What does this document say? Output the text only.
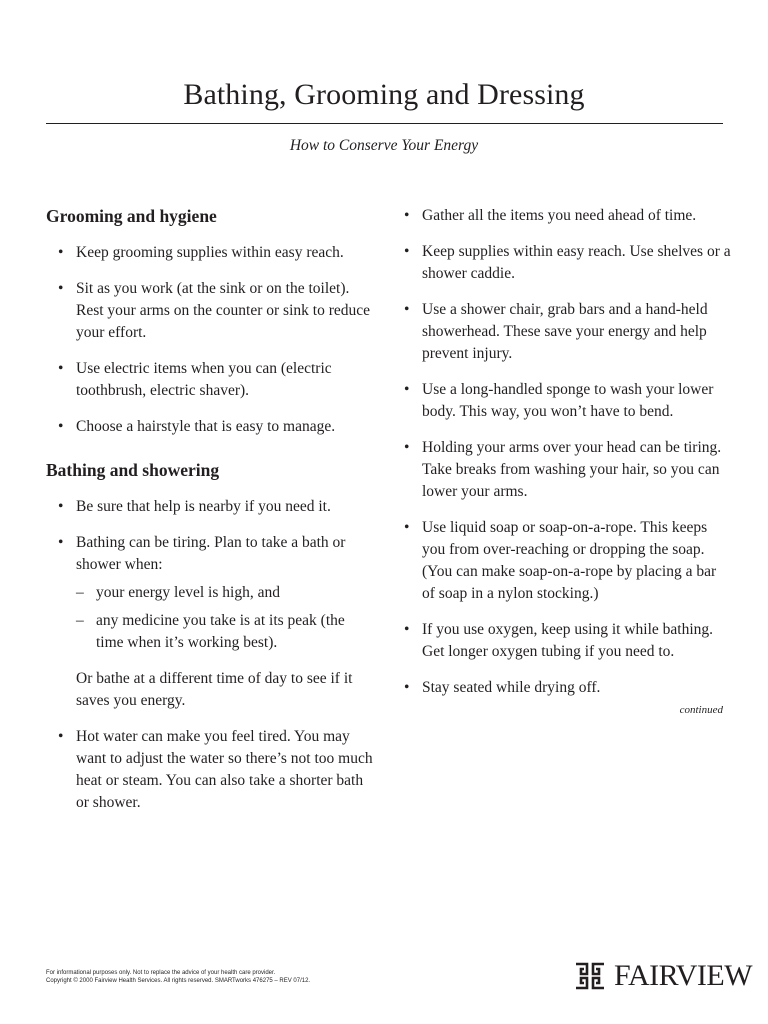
Bathing, Grooming and Dressing
How to Conserve Your Energy
Grooming and hygiene
• Keep grooming supplies within easy reach.
• Sit as you work (at the sink or on the toilet). Rest your arms on the counter or sink to reduce your effort.
• Use electric items when you can (electric toothbrush, electric shaver).
• Choose a hairstyle that is easy to manage.
Bathing and showering
• Be sure that help is nearby if you need it.
• Bathing can be tiring. Plan to take a bath or shower when:
– your energy level is high, and
– any medicine you take is at its peak (the time when it’s working best).

Or bathe at a different time of day to see if it saves you energy.

• Hot water can make you feel tired. You may want to adjust the water so there’s not too much heat or steam. You can also take a shorter bath or shower.
• Gather all the items you need ahead of time.
• Keep supplies within easy reach. Use shelves or a shower caddie.
• Use a shower chair, grab bars and a hand-held showerhead. These save your energy and help prevent injury.
• Use a long-handled sponge to wash your lower body. This way, you won’t have to bend.
• Holding your arms over your head can be tiring. Take breaks from washing your hair, so you can lower your arms.
• Use liquid soap or soap-on-a-rope. This keeps you from over-reaching or dropping the soap. (You can make soap-on-a-rope by placing a bar of soap in a nylon stocking.)
• If you use oxygen, keep using it while bathing. Get longer oxygen tubing if you need to.
• Stay seated while drying off.
continued
For informational purposes only. Not to replace the advice of your health care provider.
Copyright © 2000 Fairview Health Services. All rights reserved. SMARTworks 476275 – REV 07/12.	FAIRVIEW
